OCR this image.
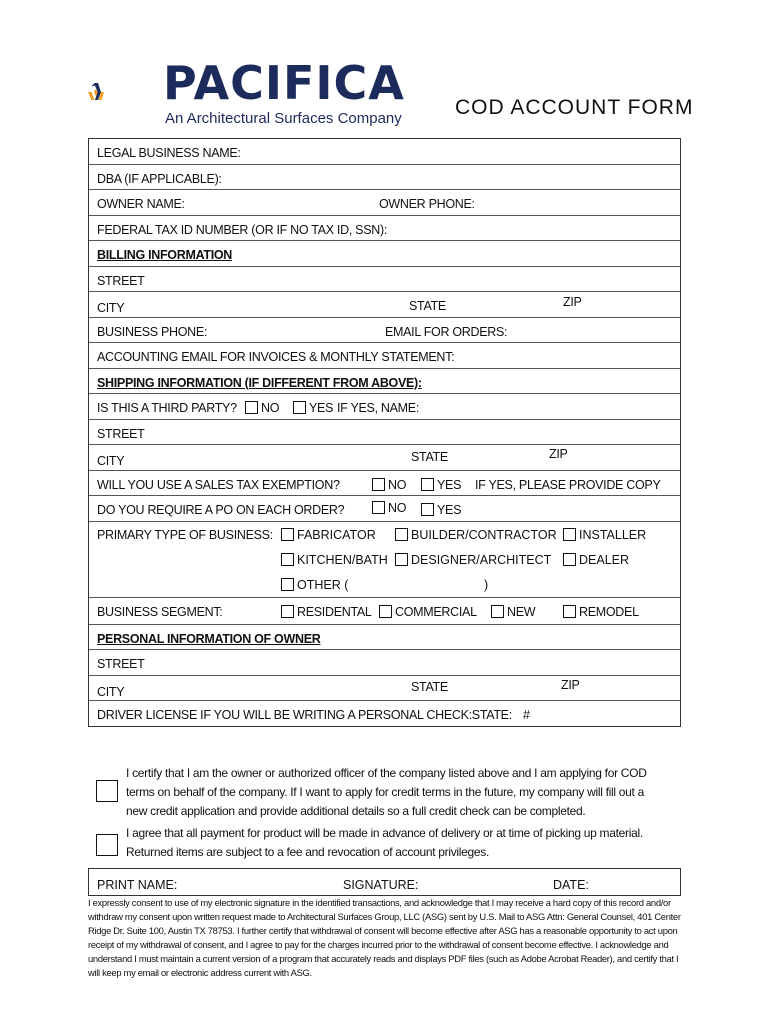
PACIFICA
An Architectural Surfaces Company	COD ACCOUNT FORM
LEGAL BUSINESS NAME:
DBA (IF APPLICABLE):
OWNER NAME:	OWNER PHONE:
FEDERAL TAX ID NUMBER (OR IF NO TAX ID, SSN):
BILLING INFORMATION
STREET
CITY	STATE	ZIP
BUSINESS PHONE:	EMAIL FOR ORDERS:
ACCOUNTING EMAIL FOR INVOICES & MONTHLY STATEMENT:
SHIPPING INFORMATION (IF DIFFERENT FROM ABOVE):
IS THIS A THIRD PARTY?	NO	YES IF YES, NAME:
STREET
CITY	STATE	ZIP
WILL YOU USE A SALES TAX EXEMPTION?	NO	YES IF YES, PLEASE PROVIDE COPY
DO YOU REQUIRE A PO ON EACH ORDER?	NO	YES
PRIMARY TYPE OF BUSINESS:	FABRICATOR	BUILDER/CONTRACTOR	INSTALLER
KITCHEN/BATH	DESIGNER/ARCHITECT	DEALER
OTHER (	)
BUSINESS SEGMENT:	RESIDENTAL	COMMERCIAL	NEW	REMODEL
PERSONAL INFORMATION OF OWNER
STREET
CITY	STATE	ZIP
DRIVER LICENSE IF YOU WILL BE WRITING A PERSONAL CHECK:STATE: #
I certify that I am the owner or authorized officer of the company listed above and I am applying for COD terms on behalf of the company. If I want to apply for credit terms in the future, my company will fill out a new credit application and provide additional details so a full credit check can be completed.
I agree that all payment for product will be made in advance of delivery or at time of picking up material. Returned items are subject to a fee and revocation of account privileges.
PRINT NAME:	SIGNATURE:	DATE:
I expressly consent to use of my electronic signature in the identified transactions, and acknowledge that I may receive a hard copy of this record and/or withdraw my consent upon written request made to Architectural Surfaces Group, LLC (ASG) sent by U.S. Mail to ASG Attn: General Counsel, 401 Center Ridge Dr. Suite 100, Austin TX 78753. I further certify that withdrawal of consent will become effective after ASG has a reasonable opportunity to act upon receipt of my withdrawal of consent, and I agree to pay for the charges incurred prior to the withdrawal of consent become effective. I acknowledge and understand I must maintain a current version of a program that accurately reads and displays PDF files (such as Adobe Acrobat Reader), and certify that I will keep my email or electronic address current with ASG.
